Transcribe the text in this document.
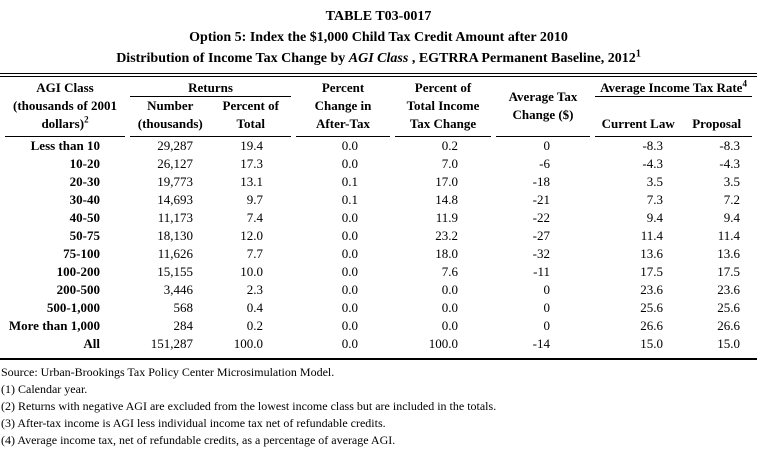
TABLE T03-0017
Option 5: Index the $1,000 Child Tax Credit Amount after 2010
Distribution of Income Tax Change by AGI Class , EGTRRA Permanent Baseline, 2012$^1$
AGI Class
(thousands of 2001
dollars)$^2$

Returns
Number
(thousands)
Percent of
Total

Percent
Change in
After-Tax

Percent of
Total Income
Tax Change

Average Tax
Change ($)

Average Income Tax Rate$^4$
Current Law	Proposal

Less than 10	29,287	19.4	0.0	0.2	0	-8.3	-8.3
10-20	26,127	17.3	0.0	7.0	-6	-4.3	-4.3
20-30	19,773	13.1	0.1	17.0	-18	3.5	3.5
30-40	14,693	9.7	0.1	14.8	-21	7.3	7.2
40-50	11,173	7.4	0.0	11.9	-22	9.4	9.4
50-75	18,130	12.0	0.0	23.2	-27	11.4	11.4
75-100	11,626	7.7	0.0	18.0	-32	13.6	13.6
100-200	15,155	10.0	0.0	7.6	-11	17.5	17.5
200-500	3,446	2.3	0.0	0.0	0	23.6	23.6
500-1,000	568	0.4	0.0	0.0	0	25.6	25.6
More than 1,000	284	0.2	0.0	0.0	0	26.6	26.6
All	151,287	100.0	0.0	100.0	-14	15.0	15.0
Source: Urban-Brookings Tax Policy Center Microsimulation Model.
(1) Calendar year.
(2) Returns with negative AGI are excluded from the lowest income class but are included in the totals.
(3) After-tax income is AGI less individual income tax net of refundable credits.
(4) Average income tax, net of refundable credits, as a percentage of average AGI.
